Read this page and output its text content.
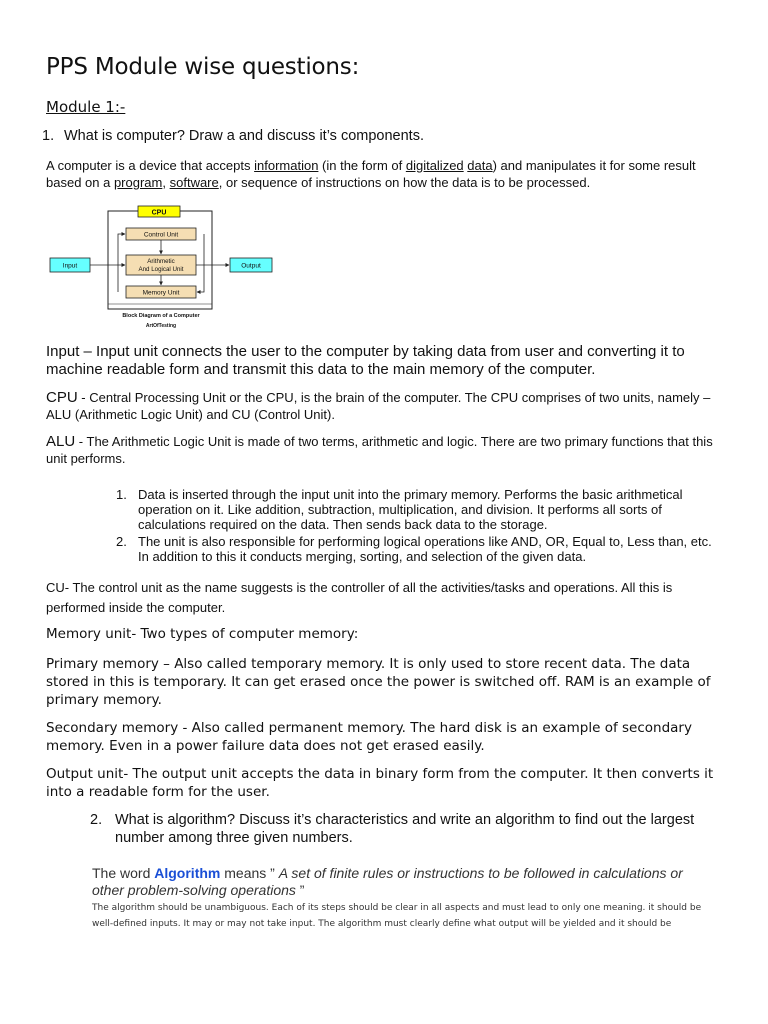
PPS Module wise questions:
Module 1:-
1. What is computer? Draw a and discuss it’s components.
A computer is a device that accepts information (in the form of digitalized data) and manipulates it for some result based on a program, software, or sequence of instructions on how the data is to be processed.
CPU
Control Unit
Arithmetic
And Logical Unit
Memory Unit
Input	Output
Block Diagram of a Computer
ArtOfTesting
Input – Input unit connects the user to the computer by taking data from user and converting it to machine readable form and transmit this data to the main memory of the computer.
CPU - Central Processing Unit or the CPU, is the brain of the computer. The CPU comprises of two units, namely – ALU (Arithmetic Logic Unit) and CU (Control Unit).
ALU - The Arithmetic Logic Unit is made of two terms, arithmetic and logic. There are two primary functions that this unit performs.
1. Data is inserted through the input unit into the primary memory. Performs the basic arithmetical operation on it. Like addition, subtraction, multiplication, and division. It performs all sorts of calculations required on the data. Then sends back data to the storage.
2. The unit is also responsible for performing logical operations like AND, OR, Equal to, Less than, etc. In addition to this it conducts merging, sorting, and selection of the given data.
CU- The control unit as the name suggests is the controller of all the activities/tasks and operations. All this is performed inside the computer.
Memory unit- Two types of computer memory:
Primary memory – Also called temporary memory. It is only used to store recent data. The data stored in this is temporary. It can get erased once the power is switched off. RAM is an example of primary memory.
Secondary memory - Also called permanent memory. The hard disk is an example of secondary memory. Even in a power failure data does not get erased easily.
Output unit- The output unit accepts the data in binary form from the computer. It then converts it into a readable form for the user.
2. What is algorithm? Discuss it’s characteristics and write an algorithm to find out the largest number among three given numbers.
The word Algorithm means ” A set of finite rules or instructions to be followed in calculations or other problem-solving operations ”
The algorithm should be unambiguous. Each of its steps should be clear in all aspects and must lead to only one meaning. it should be well-defined inputs. It may or may not take input. The algorithm must clearly define what output will be yielded and it should be
